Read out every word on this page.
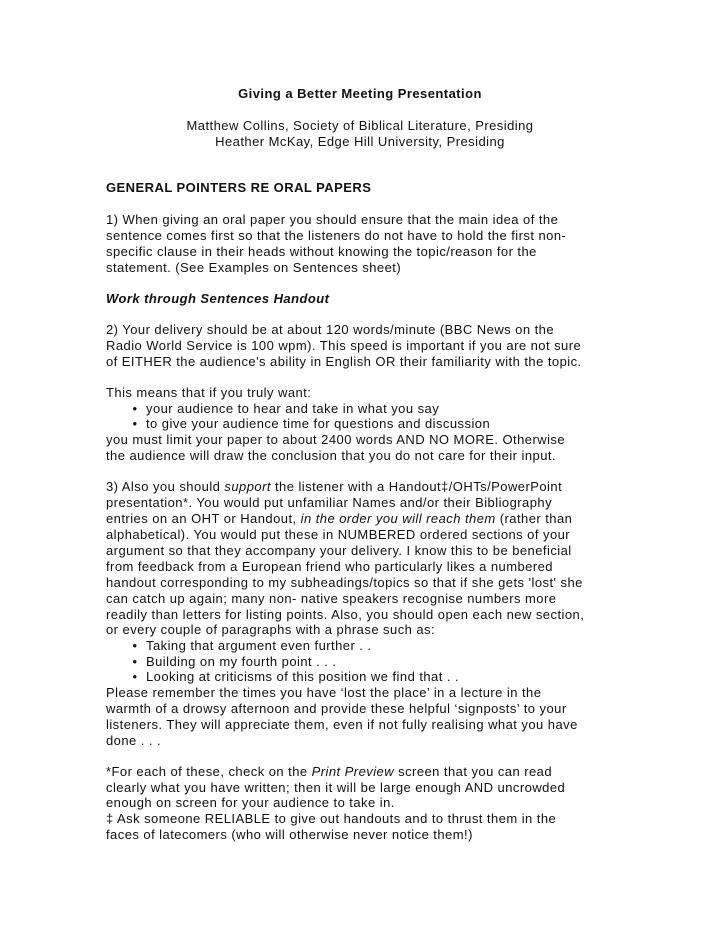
Giving a Better Meeting Presentation
Matthew Collins, Society of Biblical Literature, Presiding
Heather McKay, Edge Hill University, Presiding
GENERAL POINTERS RE ORAL PAPERS
1) When giving an oral paper you should ensure that the main idea of the
sentence comes first so that the listeners do not have to hold the first non-
specific clause in their heads without knowing the topic/reason for the
statement. (See Examples on Sentences sheet)
Work through Sentences Handout
2) Your delivery should be at about 120 words/minute (BBC News on the
Radio World Service is 100 wpm). This speed is important if you are not sure
of EITHER the audience's ability in English OR their familiarity with the topic.
This means that if you truly want:
• your audience to hear and take in what you say
• to give your audience time for questions and discussion
you must limit your paper to about 2400 words AND NO MORE. Otherwise
the audience will draw the conclusion that you do not care for their input.
3) Also you should support the listener with a Handout‡/OHTs/PowerPoint
presentation*. You would put unfamiliar Names and/or their Bibliography
entries on an OHT or Handout, in the order you will reach them (rather than
alphabetical). You would put these in NUMBERED ordered sections of your
argument so that they accompany your delivery. I know this to be beneficial
from feedback from a European friend who particularly likes a numbered
handout corresponding to my subheadings/topics so that if she gets 'lost' she
can catch up again; many non- native speakers recognise numbers more
readily than letters for listing points. Also, you should open each new section,
or every couple of paragraphs with a phrase such as:
• Taking that argument even further . .
• Building on my fourth point . . .
• Looking at criticisms of this position we find that . .
Please remember the times you have ‘lost the place’ in a lecture in the
warmth of a drowsy afternoon and provide these helpful ‘signposts’ to your
listeners. They will appreciate them, even if not fully realising what you have
done . . .
*For each of these, check on the Print Preview screen that you can read
clearly what you have written; then it will be large enough AND uncrowded
enough on screen for your audience to take in.
‡ Ask someone RELIABLE to give out handouts and to thrust them in the
faces of latecomers (who will otherwise never notice them!)
